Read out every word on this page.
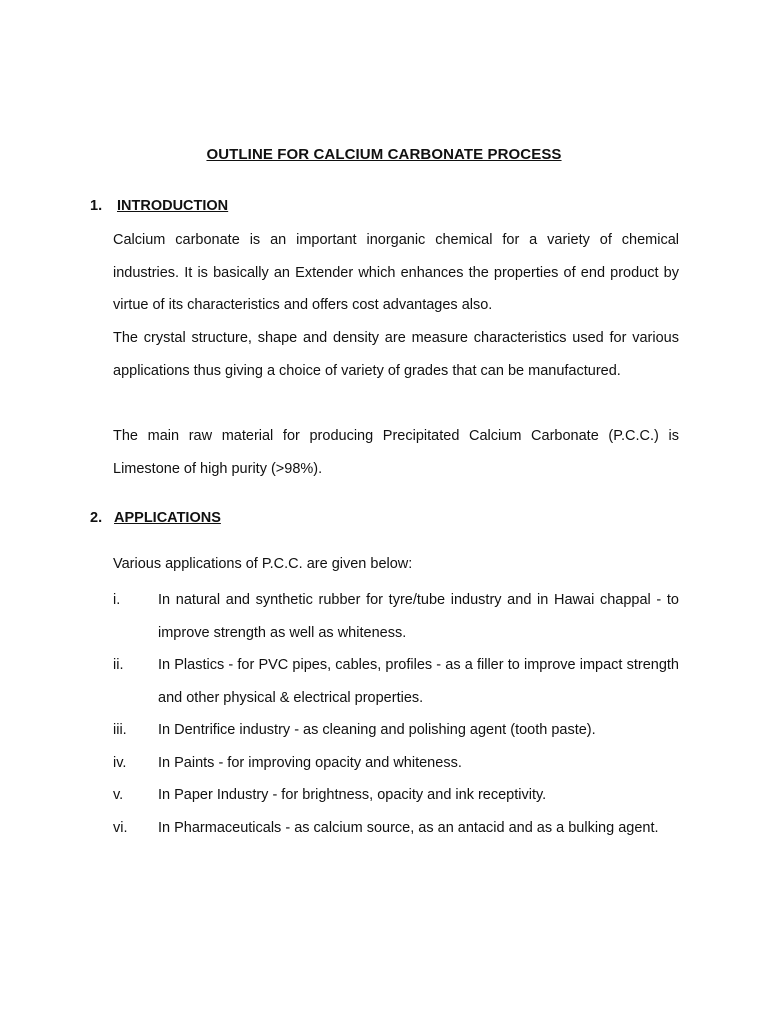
OUTLINE FOR CALCIUM CARBONATE PROCESS
1. INTRODUCTION

Calcium carbonate is an important inorganic chemical for a variety of chemical industries. It is basically an Extender which enhances the properties of end product by virtue of its characteristics and offers cost advantages also.

The crystal structure, shape and density are measure characteristics used for various applications thus giving a choice of variety of grades that can be manufactured.

The main raw material for producing Precipitated Calcium Carbonate (P.C.C.) is Limestone of high purity (>98%).

2. APPLICATIONS

Various applications of P.C.C. are given below:

i.	In natural and synthetic rubber for tyre/tube industry and in Hawai chappal - to improve strength as well as whiteness.
ii.	In Plastics - for PVC pipes, cables, profiles - as a filler to improve impact strength and other physical & electrical properties.
iii.	In Dentrifice industry - as cleaning and polishing agent (tooth paste).
iv.	In Paints - for improving opacity and whiteness.
v.	In Paper Industry - for brightness, opacity and ink receptivity.
vi.	In Pharmaceuticals - as calcium source, as an antacid and as a bulking agent.
